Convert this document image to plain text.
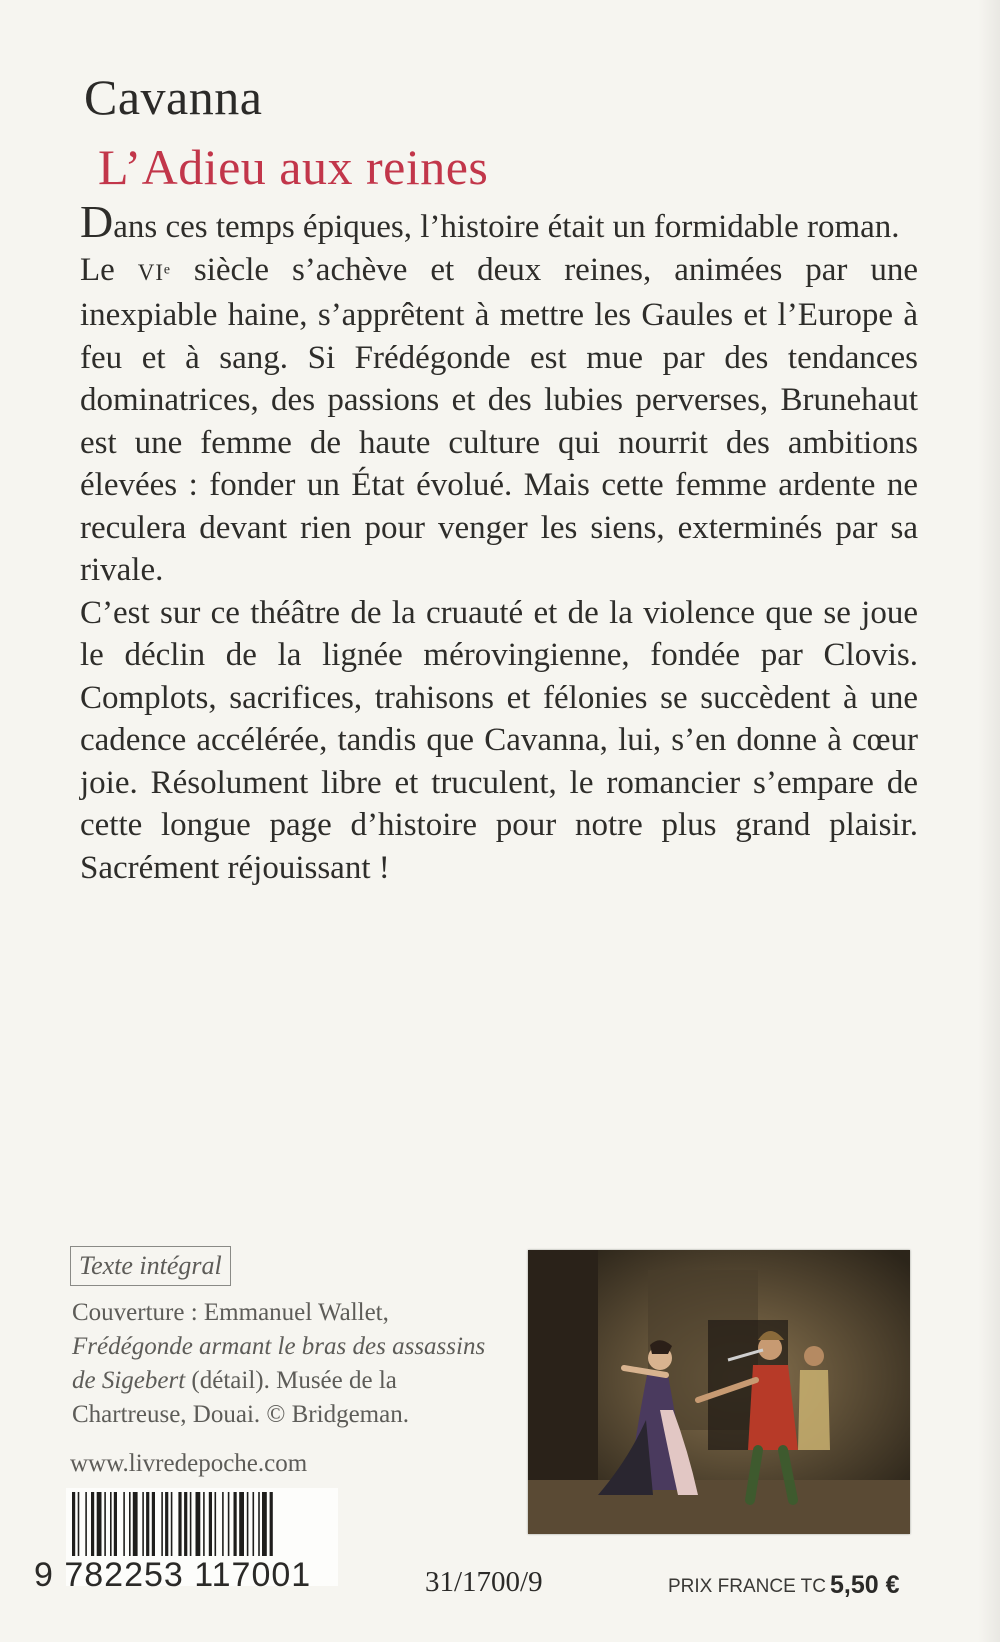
Cavanna
L’Adieu aux reines

Dans ces temps épiques, l’histoire était un formidable roman.

Le VIᵉ siècle s’achève et deux reines, animées par une inexpiable haine, s’apprêtent à mettre les Gaules et l’Europe à feu et à sang. Si Frédégonde est mue par des tendances dominatrices, des passions et des lubies perverses, Brunehaut est une femme de haute culture qui nourrit des ambitions élevées : fonder un État évolué. Mais cette femme ardente ne reculera devant rien pour venger les siens, exterminés par sa rivale.

C’est sur ce théâtre de la cruauté et de la violence que se joue le déclin de la lignée mérovingienne, fondée par Clovis. Complots, sacrifices, trahisons et félonies se succèdent à une cadence accélérée, tandis que Cavanna, lui, s’en donne à cœur joie. Résolument libre et truculent, le romancier s’empare de cette longue page d’histoire pour notre plus grand plaisir. Sacrément réjouissant !

Texte intégral

Couverture : Emmanuel Wallet,

Frédégonde armant le bras des assassins de Sigebert (détail). Musée de la Chartreuse, Douai. © Bridgeman.

www.livredepoche.com
9 782253 117001	31/1700/9	PRIX FRANCE TC 5,50 €
